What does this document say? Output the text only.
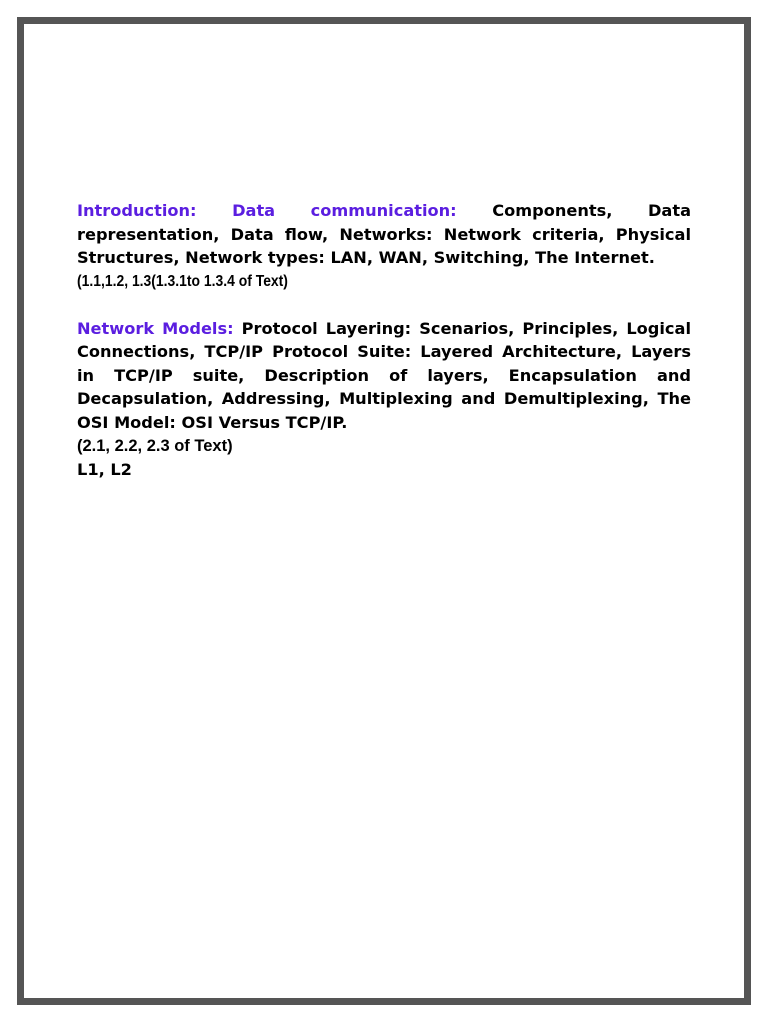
Introduction: Data communication: Components, Data representation, Data flow, Networks: Network criteria, Physical Structures, Network types: LAN, WAN, Switching, The Internet.

(1.1,1.2, 1.3(1.3.1to 1.3.4 of Text)

Network Models: Protocol Layering: Scenarios, Principles, Logical Connections, TCP/IP Protocol Suite: Layered Architecture, Layers in TCP/IP suite, Description of layers, Encapsulation and Decapsulation, Addressing, Multiplexing and Demultiplexing, The OSI Model: OSI Versus TCP/IP.

(2.1, 2.2, 2.3 of Text)
L1, L2
